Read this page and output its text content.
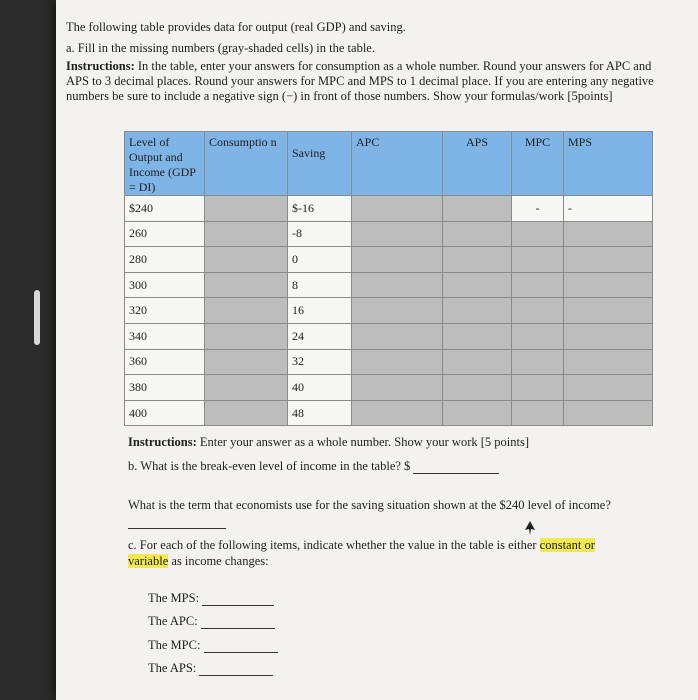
The following table provides data for output (real GDP) and saving.
a. Fill in the missing numbers (gray-shaded cells) in the table.
Instructions: In the table, enter your answers for consumption as a whole number. Round your answers for APC and APS to 3 decimal places. Round your answers for MPC and MPS to 1 decimal place. If you are entering any negative numbers be sure to include a negative sign (−) in front of those numbers. Show your formulas/work [5points]
Level of Output and Income (GDP = DI)	Consumptio n	Saving	APC	APS	MPC	MPS
$240		$-16			-	-
260		-8				
280		0				
300		8				
320		16				
340		24				
360		32				
380		40				
400		48				
Instructions: Enter your answer as a whole number. Show your work [5 points]
b. What is the break-even level of income in the table? $
What is the term that economists use for the saving situation shown at the $240 level of income?
c. For each of the following items, indicate whether the value in the table is either constant or
variable as income changes:
The MPS:
The APC:
The MPC:
The APS:
